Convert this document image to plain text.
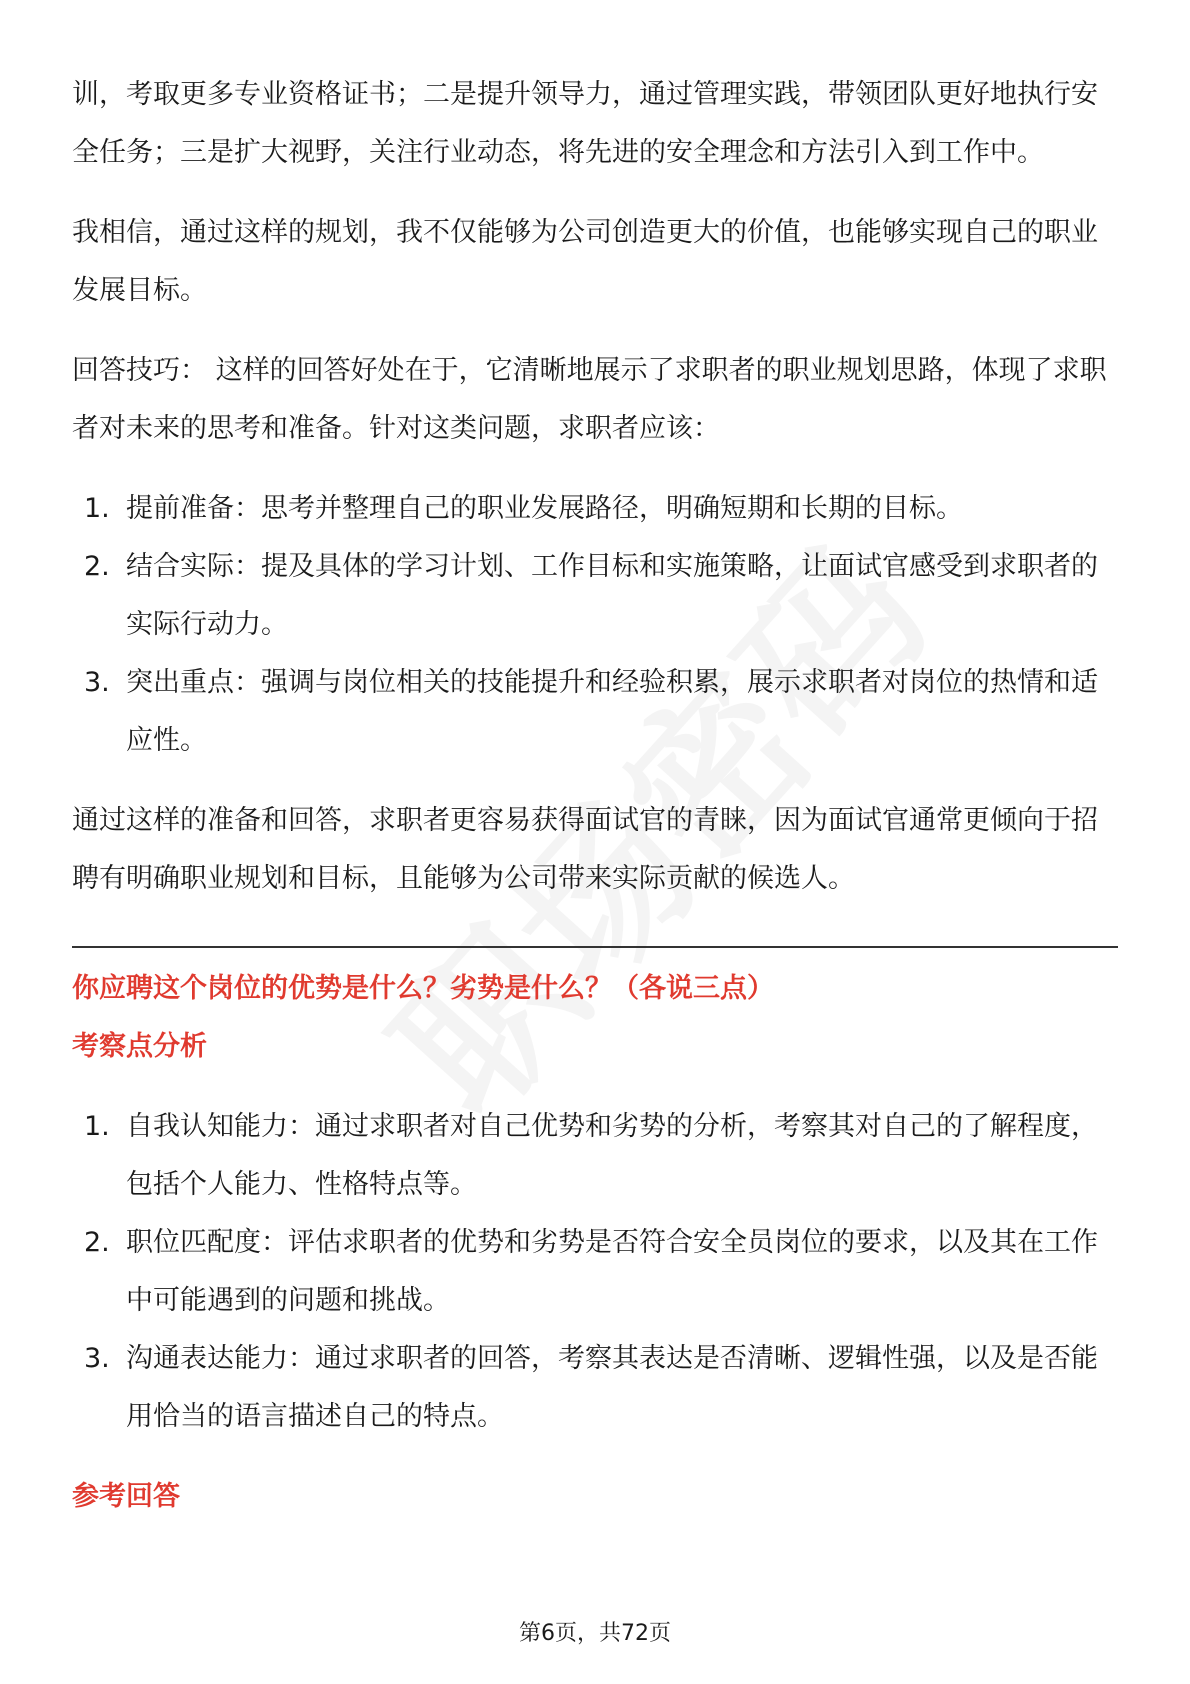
训，考取更多专业资格证书；二是提升领导力，通过管理实践，带领团队更好地执行安全任务；三是扩大视野，关注行业动态，将先进的安全理念和方法引入到工作中。

我相信，通过这样的规划，我不仅能够为公司创造更大的价值，也能够实现自己的职业发展目标。

回答技巧： 这样的回答好处在于，它清晰地展示了求职者的职业规划思路，体现了求职者对未来的思考和准备。针对这类问题，求职者应该：

1. 提前准备：思考并整理自己的职业发展路径，明确短期和长期的目标。
2. 结合实际：提及具体的学习计划、工作目标和实施策略，让面试官感受到求职者的实际行动力。
3. 突出重点：强调与岗位相关的技能提升和经验积累，展示求职者对岗位的热情和适应性。

通过这样的准备和回答，求职者更容易获得面试官的青睐，因为面试官通常更倾向于招聘有明确职业规划和目标，且能够为公司带来实际贡献的候选人。

你应聘这个岗位的优势是什么？劣势是什么？（各说三点）
考察点分析
1. 自我认知能力：通过求职者对自己优势和劣势的分析，考察其对自己的了解程度，包括个人能力、性格特点等。
2. 职位匹配度：评估求职者的优势和劣势是否符合安全员岗位的要求，以及其在工作中可能遇到的问题和挑战。
3. 沟通表达能力：通过求职者的回答，考察其表达是否清晰、逻辑性强，以及是否能用恰当的语言描述自己的特点。
参考回答
第6页，共72页
